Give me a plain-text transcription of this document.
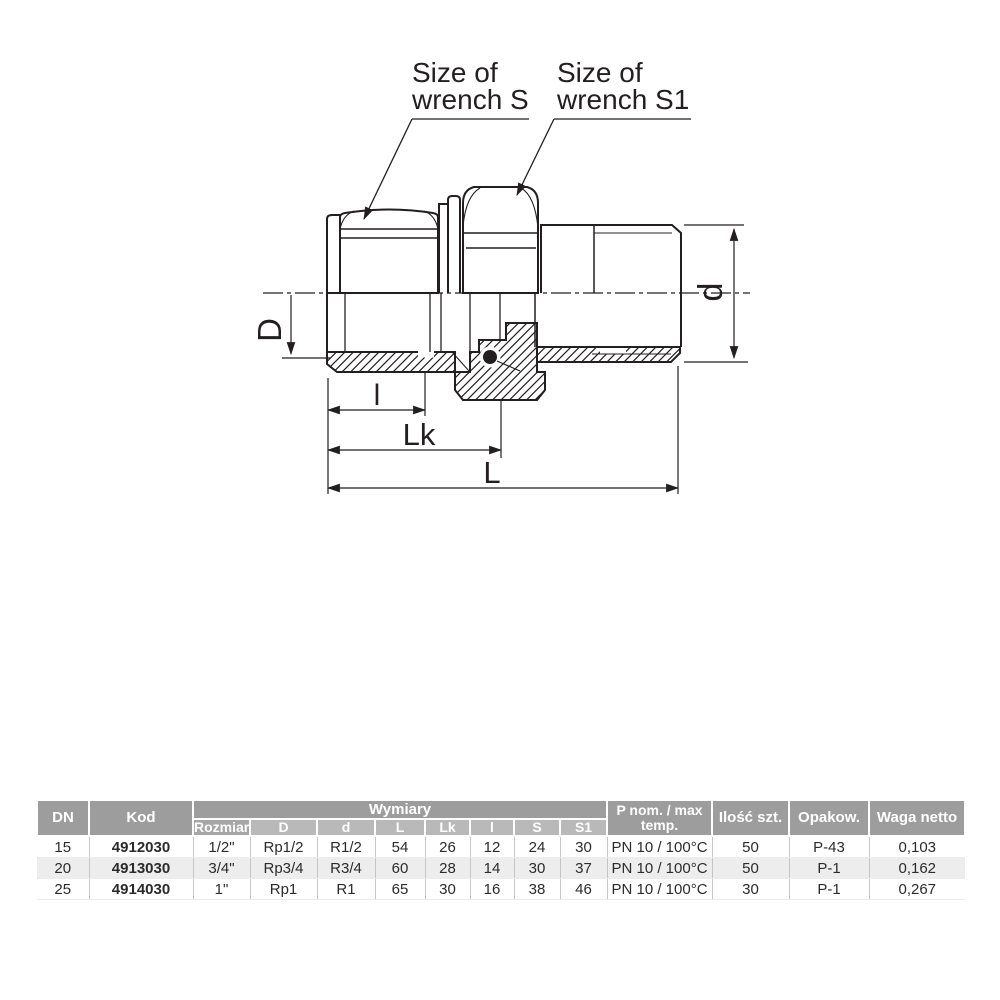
Size of
wrench S
Size of
wrench S1
D
d
l
Lk
L
DN	Kod	Wymiary								P nom. / max
temp.	Ilość szt.	Opakow.	Waga netto
		Rozmiar	D	d	L	Lk	l	S	S1				
15	4912030	1/2"	Rp1/2	R1/2	54	26	12	24	30	PN 10 / 100°C	50	P-43	0,103
20	4913030	3/4"	Rp3/4	R3/4	60	28	14	30	37	PN 10 / 100°C	50	P-1	0,162
25	4914030	1"	Rp1	R1	65	30	16	38	46	PN 10 / 100°C	30	P-1	0,267
